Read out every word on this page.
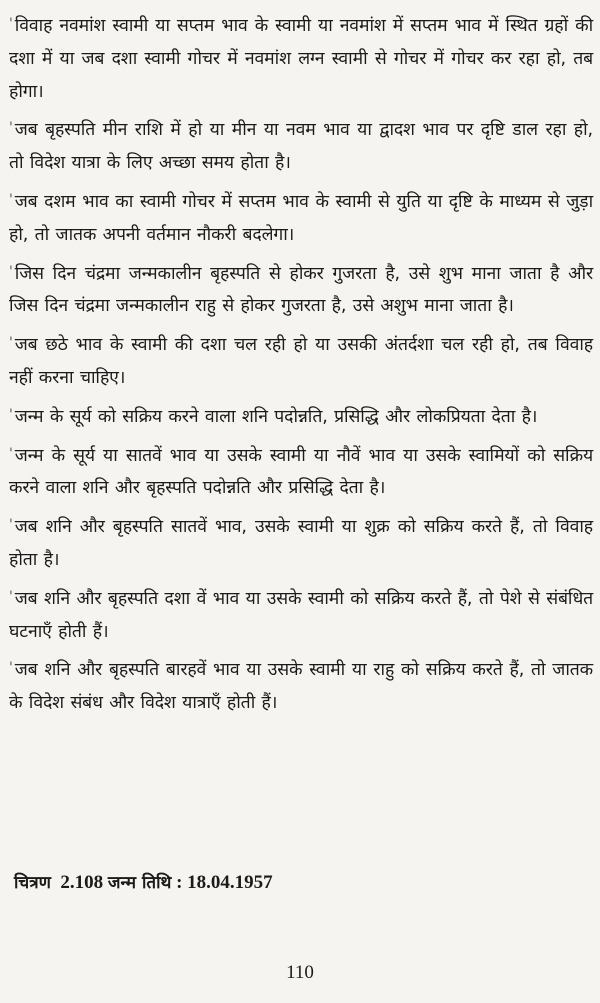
' विवाह नवमांश स्वामी या सप्तम भाव के स्वामी या नवमांश में सप्तम भाव में स्थित ग्रहों की दशा में या जब दशा स्वामी गोचर में नवमांश लग्न स्वामी से गोचर में गोचर कर रहा हो, तब होगा।

' जब बृहस्पति मीन राशि में हो या मीन या नवम भाव या द्वादश भाव पर दृष्टि डाल रहा हो, तो विदेश यात्रा के लिए अच्छा समय होता है।

' जब दशम भाव का स्वामी गोचर में सप्तम भाव के स्वामी से युति या दृष्टि के माध्यम से जुड़ा हो, तो जातक अपनी वर्तमान नौकरी बदलेगा।

' जिस दिन चंद्रमा जन्मकालीन बृहस्पति से होकर गुजरता है, उसे शुभ माना जाता है और जिस दिन चंद्रमा जन्मकालीन राहु से होकर गुजरता है, उसे अशुभ माना जाता है।

' जब छठे भाव के स्वामी की दशा चल रही हो या उसकी अंतर्दशा चल रही हो, तब विवाह नहीं करना चाहिए।

' जन्म के सूर्य को सक्रिय करने वाला शनि पदोन्नति, प्रसिद्धि और लोकप्रियता देता है।

' जन्म के सूर्य या सातवें भाव या उसके स्वामी या नौवें भाव या उसके स्वामियों को सक्रिय करने वाला शनि और बृहस्पति पदोन्नति और प्रसिद्धि देता है।

' जब शनि और बृहस्पति सातवें भाव, उसके स्वामी या शुक्र को सक्रिय करते हैं, तो विवाह होता है।

' जब शनि और बृहस्पति दशा वें भाव या उसके स्वामी को सक्रिय करते हैं, तो पेशे से संबंधित घटनाएँ होती हैं।

' जब शनि और बृहस्पति बारहवें भाव या उसके स्वामी या राहु को सक्रिय करते हैं, तो जातक के विदेश संबंध और विदेश यात्राएँ होती हैं।

चित्रण 2.108 जन्म तिथि : 18.04.1957
110
